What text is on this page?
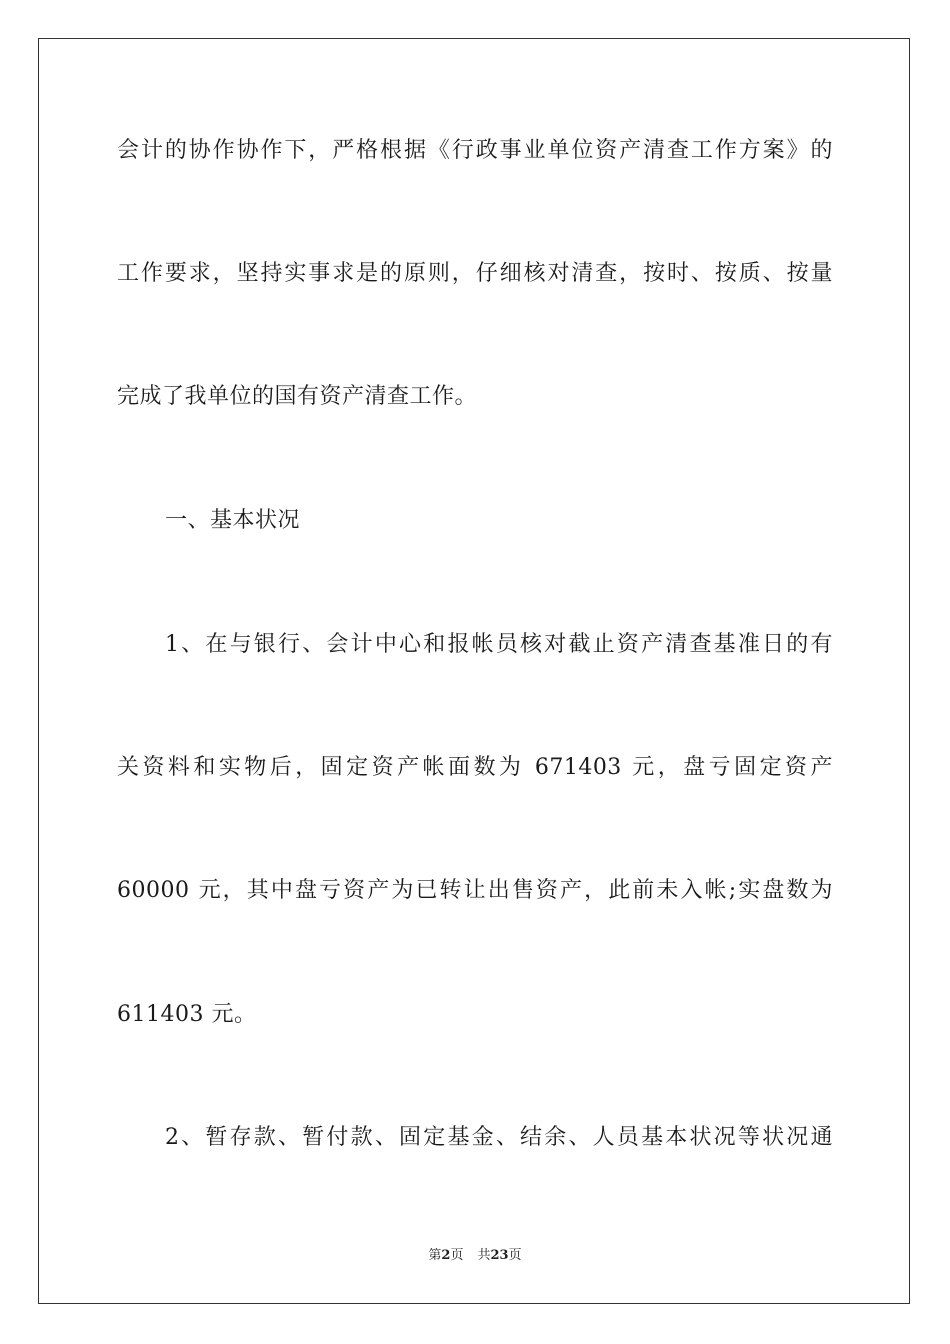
会计的协作协作下，严格根据《行政事业单位资产清查工作方案》的
工作要求，坚持实事求是的原则，仔细核对清查，按时、按质、按量
完成了我单位的国有资产清查工作。
一、基本状况
1、在与银行、会计中心和报帐员核对截止资产清查基准日的有
关资料和实物后，固定资产帐面数为 671403 元，盘亏固定资产
60000 元，其中盘亏资产为已转让出售资产，此前未入帐;实盘数为
611403 元。
2、暂存款、暂付款、固定基金、结余、人员基本状况等状况通
第2页 共23页
